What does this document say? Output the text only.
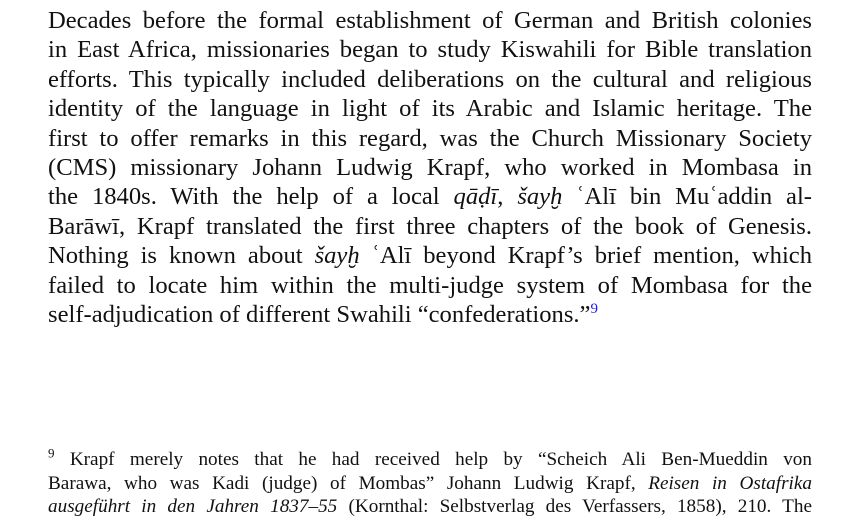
Decades before the formal establishment of German and British colonies
in East Africa, missionaries began to study Kiswahili for Bible translation
efforts. This typically included deliberations on the cultural and religious
identity of the language in light of its Arabic and Islamic heritage. The
first to offer remarks in this regard, was the Church Missionary Society
(CMS) missionary Johann Ludwig Krapf, who worked in Mombasa in
the 1840s. With the help of a local qāḍī, šayḫ ʿAlī bin Muʿaddin al-
Barāwī, Krapf translated the first three chapters of the book of Genesis.
Nothing is known about šayḫ ʿAlī beyond Krapf’s brief mention, which
failed to locate him within the multi-judge system of Mombasa for the
self-adjudication of different Swahili “confederations.”$^9$
$^9$ Krapf merely notes that he had received help by “Scheich Ali Ben-Mueddin von
Barawa, who was Kadi (judge) of Mombas” Johann Ludwig Krapf, Reisen in Ostafrika
ausgeführt in den Jahren 1837–55 (Kornthal: Selbstverlag des Verfassers, 1858), 210. The
